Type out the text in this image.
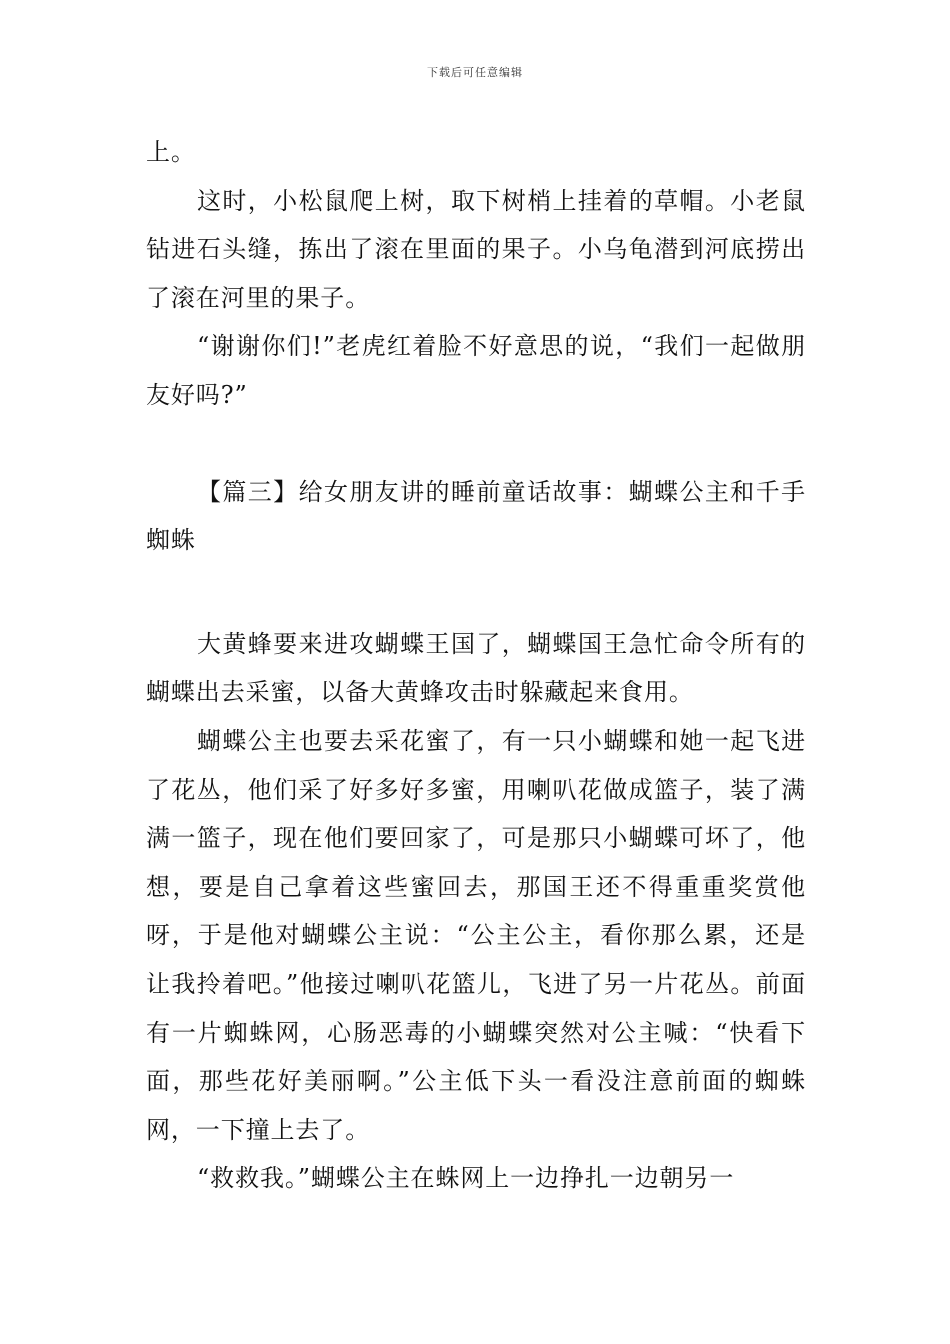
下载后可任意编辑

上。

这时，小松鼠爬上树，取下树梢上挂着的草帽。小老鼠钻进石头缝，拣出了滚在里面的果子。小乌龟潜到河底捞出了滚在河里的果子。

“谢谢你们!”老虎红着脸不好意思的说，“我们一起做朋友好吗?”

【篇三】给女朋友讲的睡前童话故事：蝴蝶公主和千手蜘蛛

大黄蜂要来进攻蝴蝶王国了，蝴蝶国王急忙命令所有的蝴蝶出去采蜜，以备大黄蜂攻击时躲藏起来食用。

蝴蝶公主也要去采花蜜了，有一只小蝴蝶和她一起飞进了花丛，他们采了好多好多蜜，用喇叭花做成篮子，装了满满一篮子，现在他们要回家了，可是那只小蝴蝶可坏了，他想，要是自己拿着这些蜜回去，那国王还不得重重奖赏他呀，于是他对蝴蝶公主说：“公主公主，看你那么累，还是让我拎着吧。”他接过喇叭花篮儿，飞进了另一片花丛。前面有一片蜘蛛网，心肠恶毒的小蝴蝶突然对公主喊：“快看下面，那些花好美丽啊。”公主低下头一看没注意前面的蜘蛛网，一下撞上去了。

“救救我。”蝴蝶公主在蛛网上一边挣扎一边朝另一
